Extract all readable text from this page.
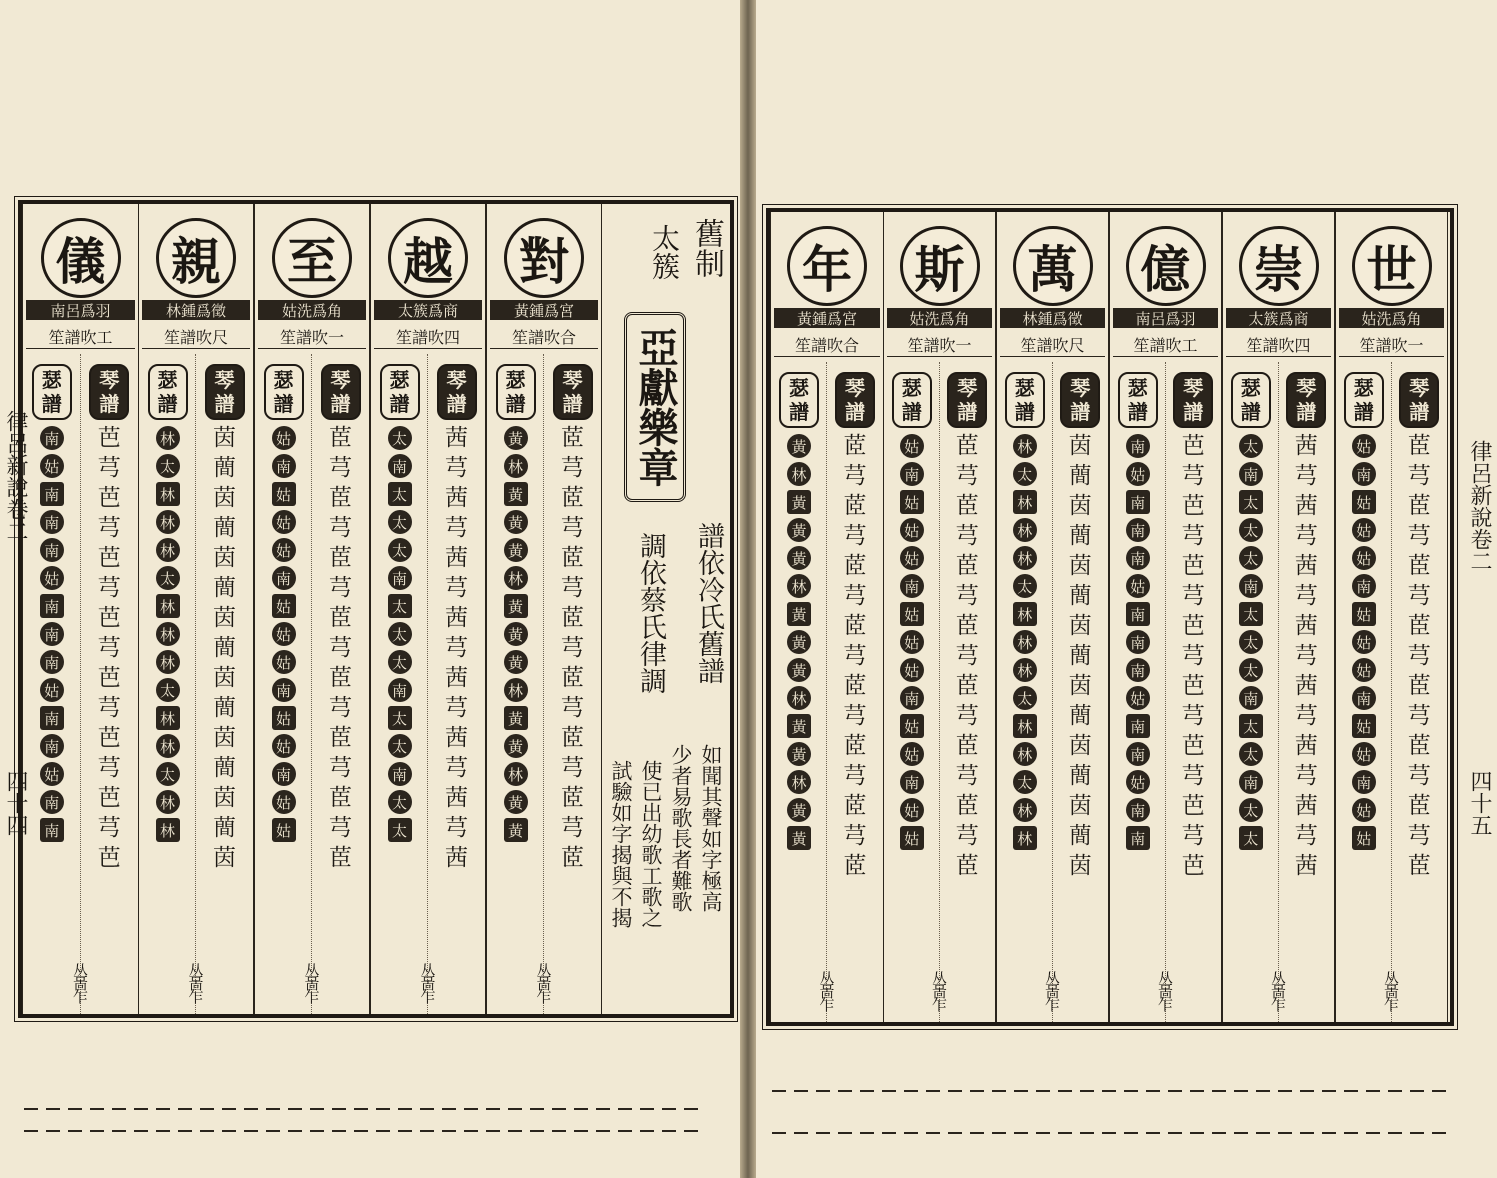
舊制
太簇
亞獻樂章
譜依冷氏舊譜
調依蔡氏律調
如聞其聲如字極高
少者易歌長者難歌
使已出幼歌工歌之
試驗如字揭與不揭
對
黃鍾爲宮
笙譜吹合
琴譜
茝
芎
茝
芎
茝
芎
茝
芎
茝
芎
茝
芎
茝
芎
茝
瑟譜
黃
林
黃
黃
黃
林
黃
黃
黃
林
黃
黃
林
黃
黃
丛啚乍
越
太簇爲商
笙譜吹四
琴譜
茜
芎
茜
芎
茜
芎
茜
芎
茜
芎
茜
芎
茜
芎
茜
瑟譜
太
南
太
太
太
南
太
太
太
南
太
太
南
太
太
丛啚乍
至
姑洗爲角
笙譜吹一
琴譜
茞
芎
茞
芎
茞
芎
茞
芎
茞
芎
茞
芎
茞
芎
茞
瑟譜
姑
南
姑
姑
姑
南
姑
姑
姑
南
姑
姑
南
姑
姑
丛啚乍
親
林鍾爲徵
笙譜吹尺
琴譜
茵
蕳
茵
蕳
茵
蕳
茵
蕳
茵
蕳
茵
蕳
茵
蕳
茵
瑟譜
林
太
林
林
林
太
林
林
林
太
林
林
太
林
林
丛啚乍
儀
南呂爲羽
笙譜吹工
琴譜
芭
芎
芭
芎
芭
芎
芭
芎
芭
芎
芭
芎
芭
芎
芭
瑟譜
南
姑
南
南
南
姑
南
南
南
姑
南
南
姑
南
南
丛啚乍
律呂新說卷二
四十四
世
姑洗爲角
笙譜吹一
琴譜
茞
芎
茞
芎
茞
芎
茞
芎
茞
芎
茞
芎
茞
芎
茞
瑟譜
姑
南
姑
姑
姑
南
姑
姑
姑
南
姑
姑
南
姑
姑
丛啚乍
崇
太簇爲商
笙譜吹四
琴譜
茜
芎
茜
芎
茜
芎
茜
芎
茜
芎
茜
芎
茜
芎
茜
瑟譜
太
南
太
太
太
南
太
太
太
南
太
太
南
太
太
丛啚乍
億
南呂爲羽
笙譜吹工
琴譜
芭
芎
芭
芎
芭
芎
芭
芎
芭
芎
芭
芎
芭
芎
芭
瑟譜
南
姑
南
南
南
姑
南
南
南
姑
南
南
姑
南
南
丛啚乍
萬
林鍾爲徵
笙譜吹尺
琴譜
茵
蕳
茵
蕳
茵
蕳
茵
蕳
茵
蕳
茵
蕳
茵
蕳
茵
瑟譜
林
太
林
林
林
太
林
林
林
太
林
林
太
林
林
丛啚乍
斯
姑洗爲角
笙譜吹一
琴譜
茞
芎
茞
芎
茞
芎
茞
芎
茞
芎
茞
芎
茞
芎
茞
瑟譜
姑
南
姑
姑
姑
南
姑
姑
姑
南
姑
姑
南
姑
姑
丛啚乍
年
黃鍾爲宮
笙譜吹合
琴譜
茝
芎
茝
芎
茝
芎
茝
芎
茝
芎
茝
芎
茝
芎
茝
瑟譜
黃
林
黃
黃
黃
林
黃
黃
黃
林
黃
黃
林
黃
黃
丛啚乍
律呂新說卷二
四十五
